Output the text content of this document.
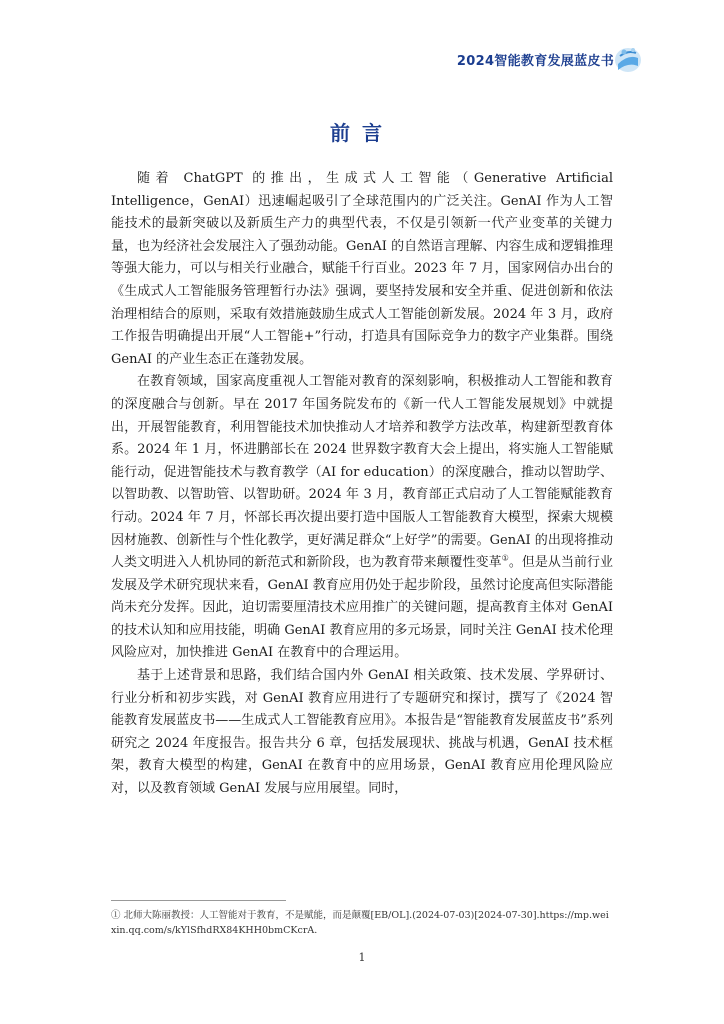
2024智能教育发展蓝皮书
前言

随着 ChatGPT 的推出，生成式人工智能（Generative Artificial Intelligence，GenAI）迅速崛起吸引了全球范围内的广泛关注。GenAI 作为人工智能技术的最新突破以及新质生产力的典型代表，不仅是引领新一代产业变革的关键力量，也为经济社会发展注入了强劲动能。GenAI 的自然语言理解、内容生成和逻辑推理等强大能力，可以与相关行业融合，赋能千行百业。2023 年 7 月，国家网信办出台的《生成式人工智能服务管理暂行办法》强调，要坚持发展和安全并重、促进创新和依法治理相结合的原则，采取有效措施鼓励生成式人工智能创新发展。2024 年 3 月，政府工作报告明确提出开展“人工智能+”行动，打造具有国际竞争力的数字产业集群。围绕 GenAI 的产业生态正在蓬勃发展。

在教育领域，国家高度重视人工智能对教育的深刻影响，积极推动人工智能和教育的深度融合与创新。早在 2017 年国务院发布的《新一代人工智能发展规划》中就提出，开展智能教育，利用智能技术加快推动人才培养和教学方法改革，构建新型教育体系。2024 年 1 月，怀进鹏部长在 2024 世界数字教育大会上提出，将实施人工智能赋能行动，促进智能技术与教育教学（AI for education）的深度融合，推动以智助学、以智助教、以智助管、以智助研。2024 年 3 月，教育部正式启动了人工智能赋能教育行动。2024 年 7 月，怀部长再次提出要打造中国版人工智能教育大模型，探索大规模因材施教、创新性与个性化教学，更好满足群众“上好学”的需要。GenAI 的出现将推动人类文明进入人机协同的新范式和新阶段，也为教育带来颠覆性变革①。但是从当前行业发展及学术研究现状来看，GenAI 教育应用仍处于起步阶段，虽然讨论度高但实际潜能尚未充分发挥。因此，迫切需要厘清技术应用推广的关键问题，提高教育主体对 GenAI 的技术认知和应用技能，明确 GenAI 教育应用的多元场景，同时关注 GenAI 技术伦理风险应对，加快推进 GenAI 在教育中的合理运用。

基于上述背景和思路，我们结合国内外 GenAI 相关政策、技术发展、学界研讨、行业分析和初步实践，对 GenAI 教育应用进行了专题研究和探讨，撰写了《2024 智能教育发展蓝皮书——生成式人工智能教育应用》。本报告是“智能教育发展蓝皮书”系列研究之 2024 年度报告。报告共分 6 章，包括发展现状、挑战与机遇，GenAI 技术框架，教育大模型的构建，GenAI 在教育中的应用场景，GenAI 教育应用伦理风险应对，以及教育领域 GenAI 发展与应用展望。同时，

① 北师大陈丽教授：人工智能对于教育，不是赋能，而是颠覆[EB/OL].(2024-07-03)[2024-07-30].https://mp.weixin.qq.com/s/kYlSfhdRX84KHH0bmCKcrA.
1
